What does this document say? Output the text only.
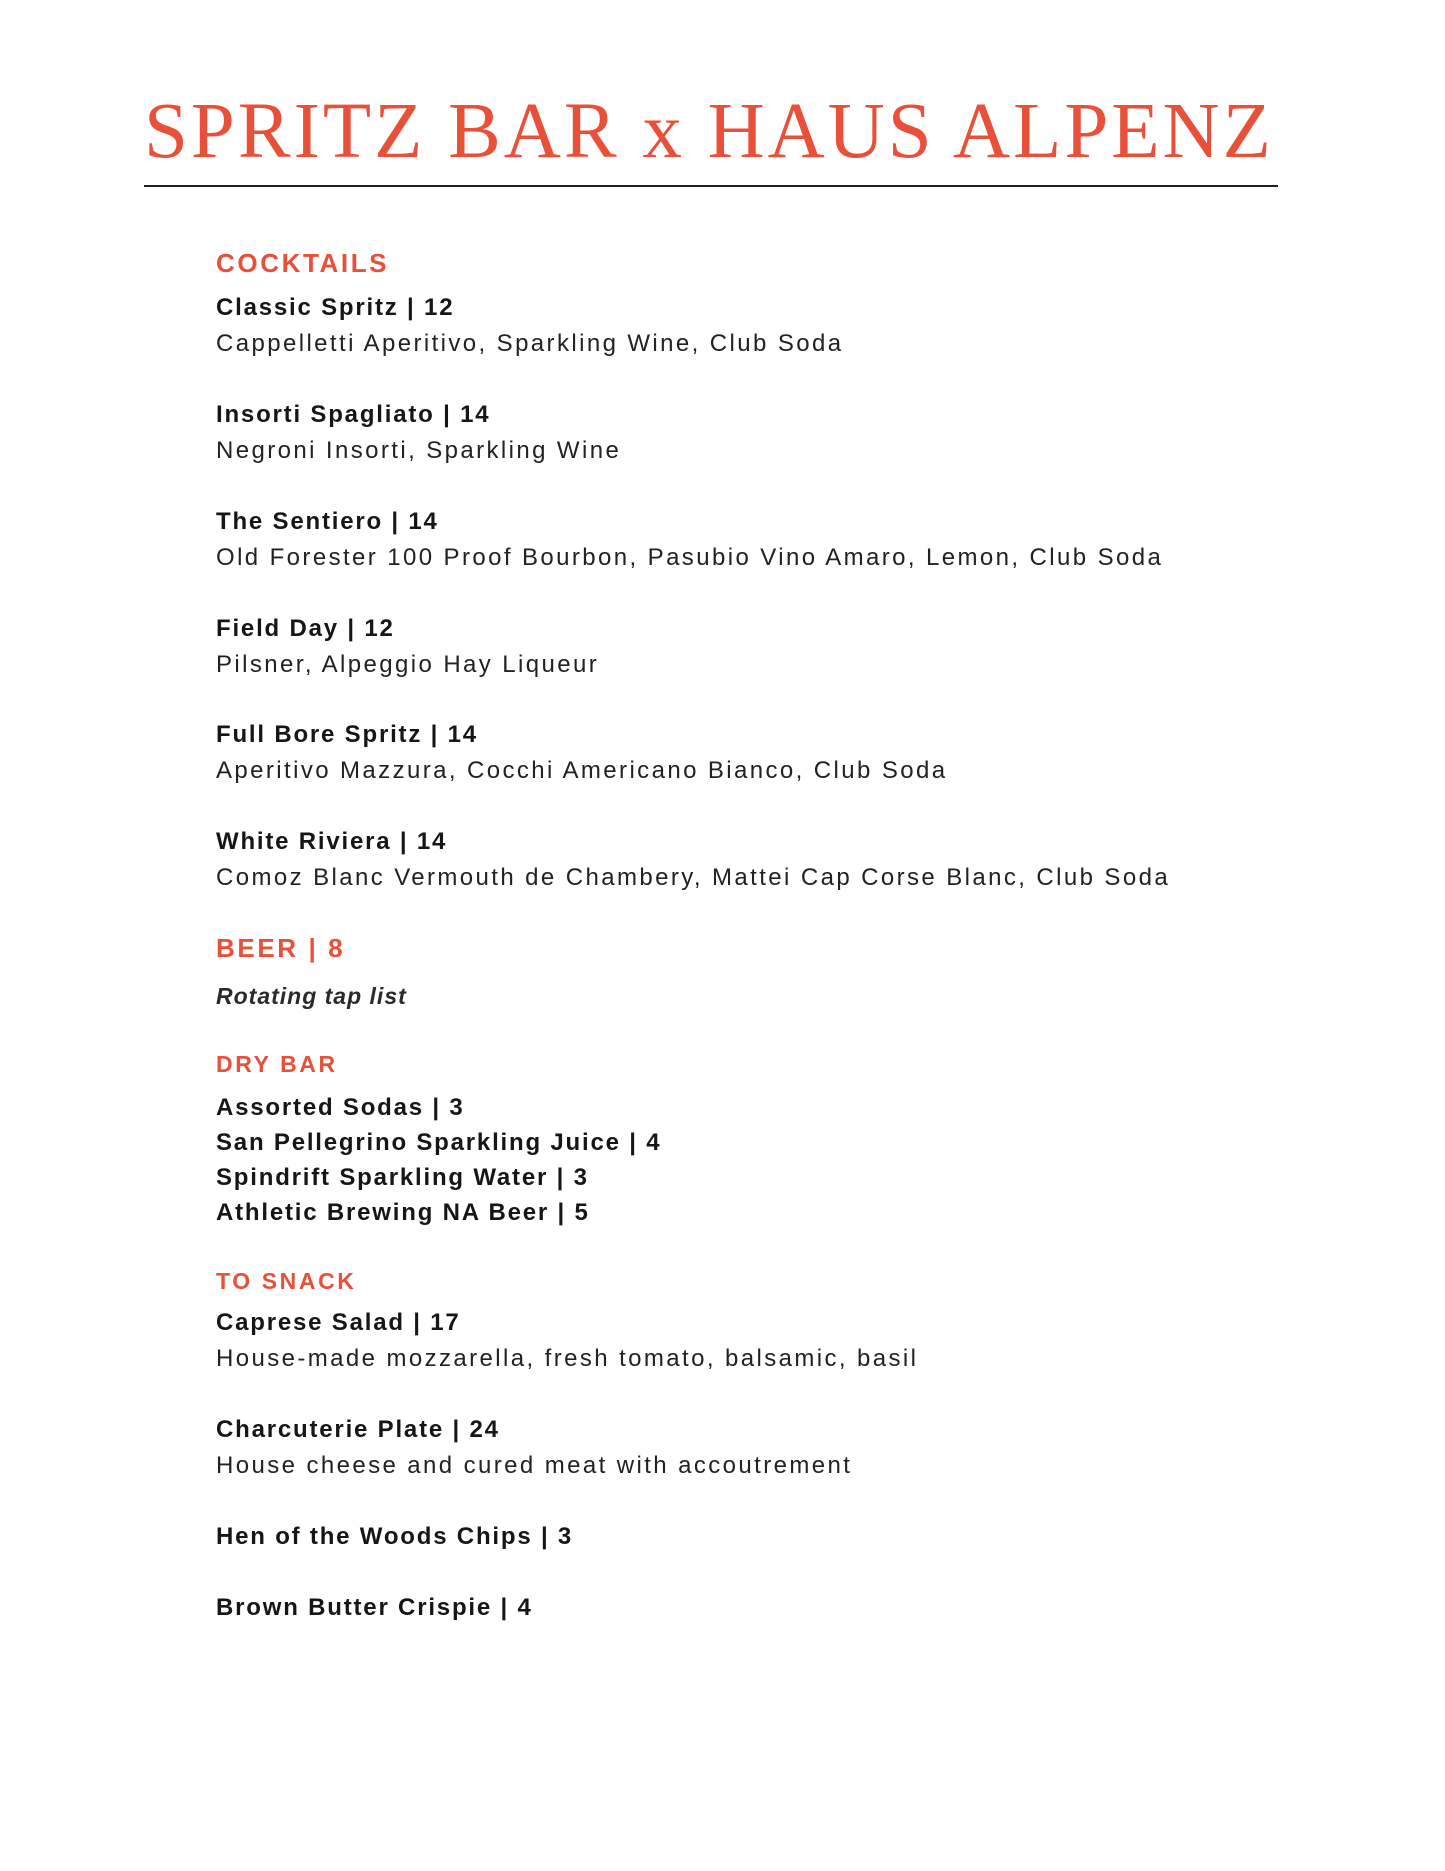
SPRITZ BAR x HAUS ALPENZ
COCKTAILS
Classic Spritz | 12
Cappelletti Aperitivo, Sparkling Wine, Club Soda
Insorti Spagliato | 14
Negroni Insorti, Sparkling Wine
The Sentiero | 14
Old Forester 100 Proof Bourbon, Pasubio Vino Amaro, Lemon, Club Soda
Field Day | 12
Pilsner, Alpeggio Hay Liqueur
Full Bore Spritz | 14
Aperitivo Mazzura, Cocchi Americano Bianco, Club Soda
White Riviera | 14
Comoz Blanc Vermouth de Chambery, Mattei Cap Corse Blanc, Club Soda
BEER | 8
Rotating tap list
DRY BAR
Assorted Sodas | 3
San Pellegrino Sparkling Juice | 4
Spindrift Sparkling Water | 3
Athletic Brewing NA Beer | 5
TO SNACK
Caprese Salad | 17
House-made mozzarella, fresh tomato, balsamic, basil
Charcuterie Plate | 24
House cheese and cured meat with accoutrement
Hen of the Woods Chips | 3
Brown Butter Crispie | 4
